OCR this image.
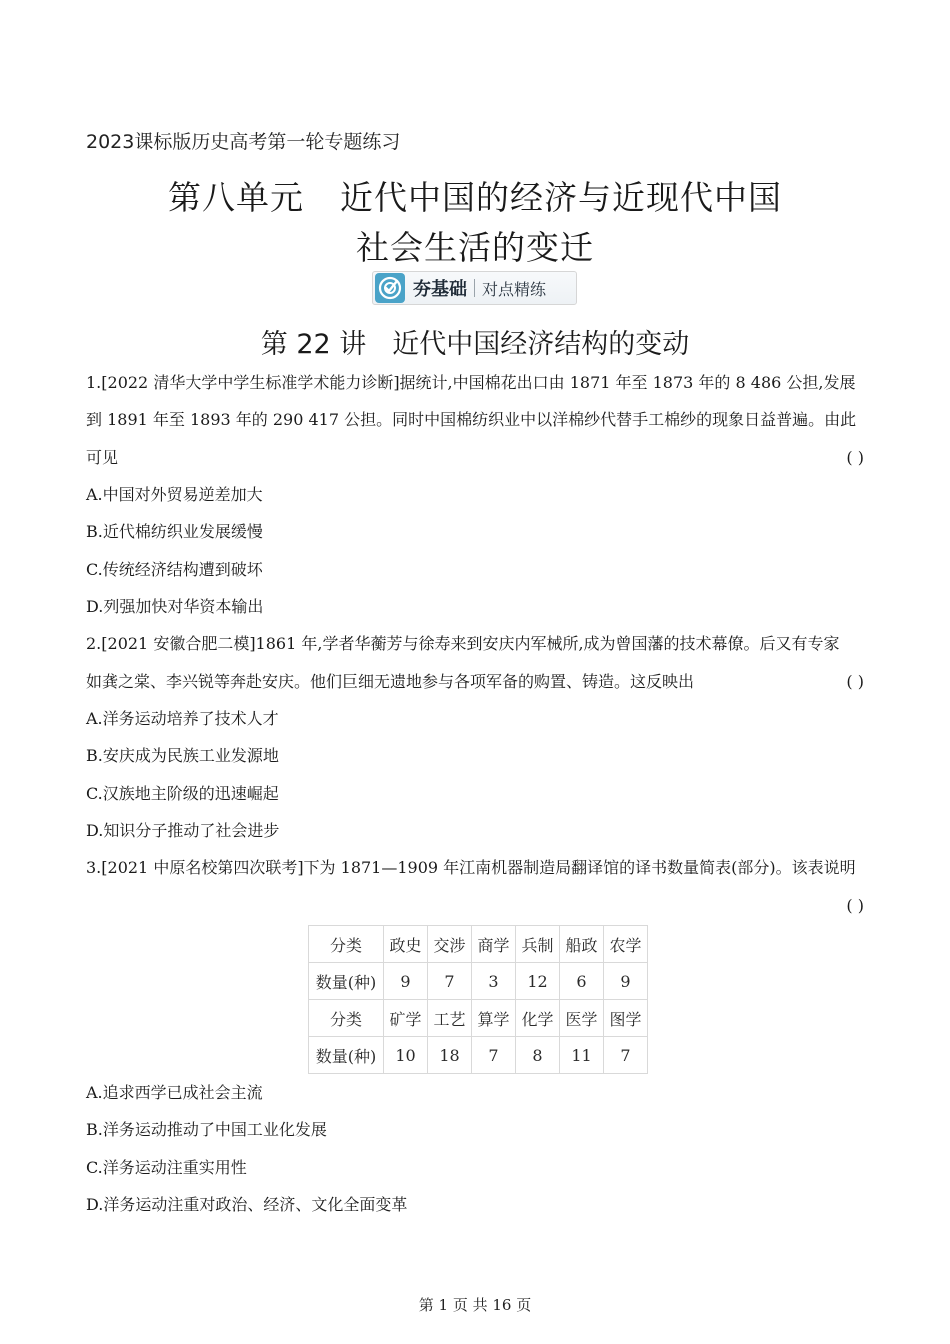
2023课标版历史高考第一轮专题练习
第八单元 近代中国的经济与近现代中国
社会生活的变迁
夯基础 对点精练
第 22 讲 近代中国经济结构的变动
1.[2022 清华大学中学生标准学术能力诊断]据统计,中国棉花出口由 1871 年至 1873 年的 8 486 公担,发展
到 1891 年至 1893 年的 290 417 公担。同时中国棉纺织业中以洋棉纱代替手工棉纱的现象日益普遍。由此
可见	( )
A.中国对外贸易逆差加大
B.近代棉纺织业发展缓慢
C.传统经济结构遭到破坏
D.列强加快对华资本输出
2.[2021 安徽合肥二模]1861 年,学者华蘅芳与徐寿来到安庆内军械所,成为曾国藩的技术幕僚。后又有专家
如龚之棠、李兴锐等奔赴安庆。他们巨细无遗地参与各项军备的购置、铸造。这反映出	( )
A.洋务运动培养了技术人才
B.安庆成为民族工业发源地
C.汉族地主阶级的迅速崛起
D.知识分子推动了社会进步
3.[2021 中原名校第四次联考]下为 1871—1909 年江南机器制造局翻译馆的译书数量简表(部分)。该表说明
( )
分类	政史	交涉	商学	兵制	船政	农学
数量(种)	9	7	3	12	6	9
分类	矿学	工艺	算学	化学	医学	图学
数量(种)	10	18	7	8	11	7
A.追求西学已成社会主流
B.洋务运动推动了中国工业化发展
C.洋务运动注重实用性
D.洋务运动注重对政治、经济、文化全面变革
第 1 页 共 16 页
